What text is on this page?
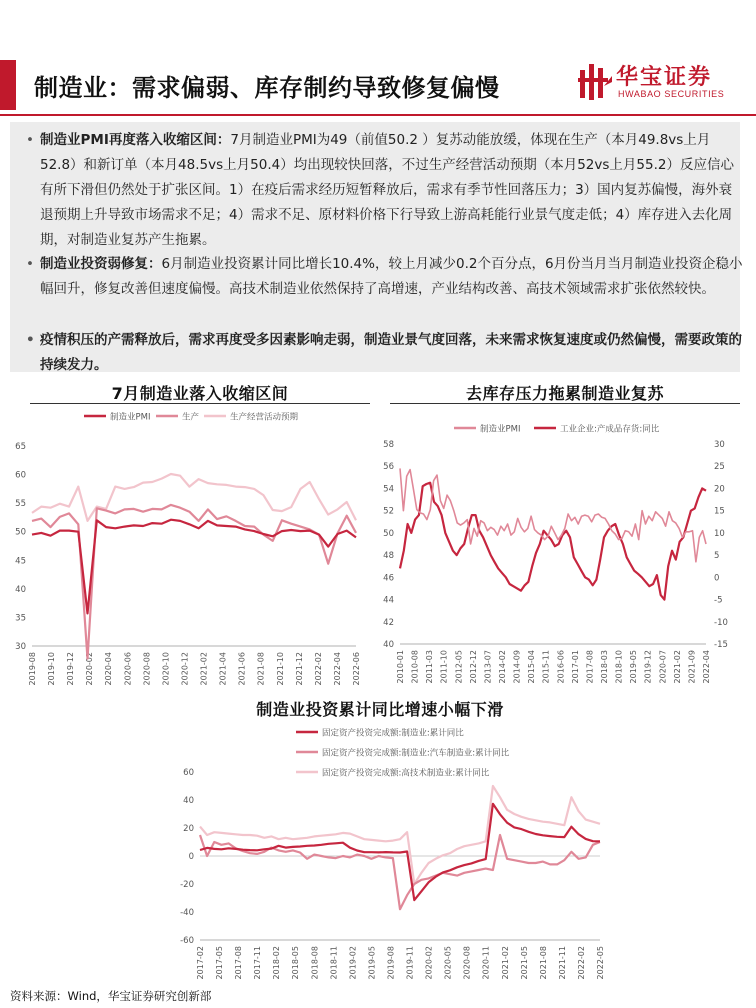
制造业：需求偏弱、库存制约导致修复偏慢	华宝证券
HWABAO SECURITIES
• 制造业PMI再度落入收缩区间：7月制造业PMI为49（前值50.2 ）复苏动能放缓，体现在生产（本月49.8vs上月52.8）和新订单（本月48.5vs上月50.4）均出现较快回落，不过生产经营活动预期（本月52vs上月55.2）反应信心有所下滑但仍然处于扩张区间。1）在疫后需求经历短暂释放后，需求有季节性回落压力；3）国内复苏偏慢，海外衰退预期上升导致市场需求不足；4）需求不足、原材料价格下行导致上游高耗能行业景气度走低；4）库存进入去化周期，对制造业复苏产生拖累。
• 制造业投资弱修复：6月制造业投资累计同比增长10.4%，较上月减少0.2个百分点，6月份当月当月制造业投资企稳小幅回升，修复改善但速度偏慢。高技术制造业依然保持了高增速，产业结构改善、高技术领域需求扩张依然较快。
• 疫情积压的产需释放后，需求再度受多因素影响走弱，制造业景气度回落，未来需求恢复速度或仍然偏慢，需要政策的持续发力。
7月制造业落入收缩区间	去库存压力拖累制造业复苏
制造业投资累计同比增速小幅下滑
制造业PMI	生产	生产经营活动预期
30
35
40
45
50
55
60
65
2019-08 2019-10 2019-12 2020-02 2020-04 2020-06 2020-08 2020-10 2020-12 2021-02 2021-04 2021-06 2021-08 2021-10 2021-12 2022-02 2022-04 2022-06
制造业PMI	工业企业:产成品存货:同比
40
42
44
46
48
50
52
54
56
58
-15
-10
-5
0
5
10
15
20
25
30
2010-01 2010-08 2011-03 2011-10 2012-05 2012-12 2013-07 2014-02 2014-09 2015-04 2015-11 2016-06 2017-01 2017-08 2018-03 2018-10 2019-05 2019-12 2020-07 2021-02 2021-09 2022-04
固定资产投资完成额:制造业:累计同比
固定资产投资完成额:制造业:汽车制造业:累计同比
固定资产投资完成额:高技术制造业:累计同比
-60
-40
-20
0
20
40
60
2017-02 2017-05 2017-08 2017-11 2018-02 2018-05 2018-08 2018-11 2019-02 2019-05 2019-08 2019-11 2020-02 2020-05 2020-08 2020-11 2021-02 2021-05 2021-08 2021-11 2022-02 2022-05
资料来源：Wind，华宝证券研究创新部
